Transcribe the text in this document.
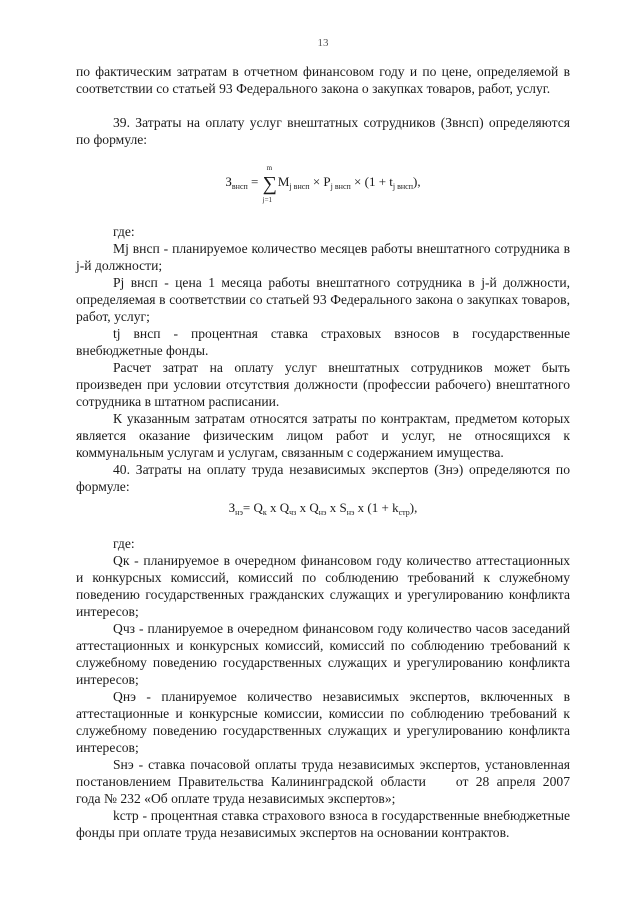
13

по фактическим затратам в отчетном финансовом году и по цене, определяемой в соответствии со статьей 93 Федерального закона о закупках товаров, работ, услуг.

39. Затраты на оплату услуг внештатных сотрудников (Звнсп) определяются по формуле:

$З_{внсп}$ = ∑
m
j=1
$M_{j внсп} \times P_{j внсп} \times (1 + t_{j внсп})$,

где:

Mj внсп - планируемое количество месяцев работы внештатного сотрудника в j-й должности;

Pj внсп - цена 1 месяца работы внештатного сотрудника в j-й должности, определяемая в соответствии со статьей 93 Федерального закона о закупках товаров, работ, услуг;

tj внсп - процентная ставка страховых взносов в государственные внебюджетные фонды.

Расчет затрат на оплату услуг внештатных сотрудников может быть произведен при условии отсутствия должности (профессии рабочего) внештатного сотрудника в штатном расписании.

К указанным затратам относятся затраты по контрактам, предметом которых является оказание физическим лицом работ и услуг, не относящихся к коммунальным услугам и услугам, связанным с содержанием имущества.

40. Затраты на оплату труда независимых экспертов (Знэ) определяются по формуле:

$З_{нэ}= Q_к$ x $Q_{чз}$ x $Q_{нэ}$ x $S_{нэ}$ x $(1 + k_{стр})$,

где:

Qк - планируемое в очередном финансовом году количество аттестационных и конкурсных комиссий, комиссий по соблюдению требований к служебному поведению государственных гражданских служащих и урегулированию конфликта интересов;

Qчз - планируемое в очередном финансовом году количество часов заседаний аттестационных и конкурсных комиссий, комиссий по соблюдению требований к служебному поведению государственных служащих и урегулированию конфликта интересов;

Qнэ - планируемое количество независимых экспертов, включенных в аттестационные и конкурсные комиссии, комиссии по соблюдению требований к служебному поведению государственных служащих и урегулированию конфликта интересов;

Sнэ - ставка почасовой оплаты труда независимых экспертов, установленная постановлением Правительства Калининградской области от 28 апреля 2007 года № 232 «Об оплате труда независимых экспертов»;

kстр - процентная ставка страхового взноса в государственные внебюджетные фонды при оплате труда независимых экспертов на основании контрактов.
